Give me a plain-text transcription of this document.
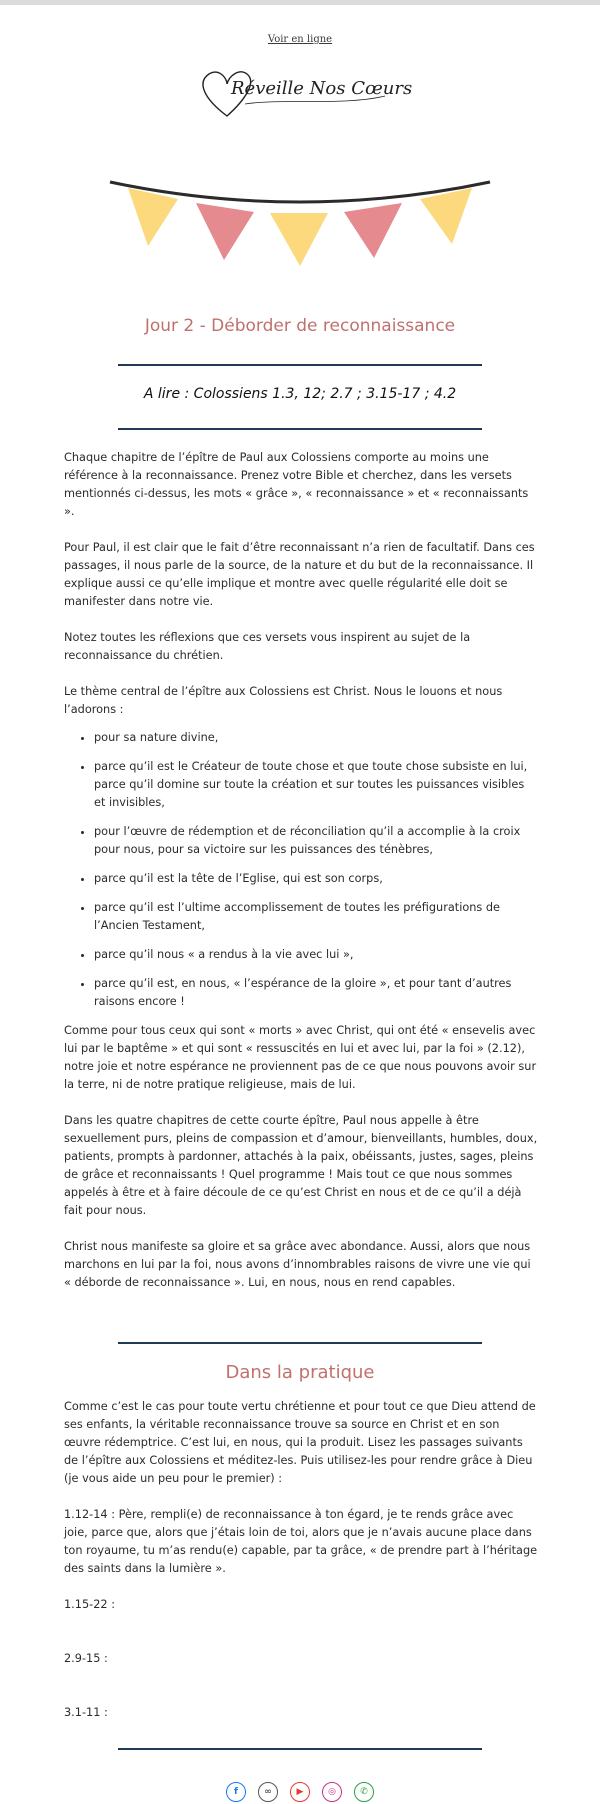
Voir en ligne
Réveille Nos Cœurs
Jour 2 - Déborder de reconnaissance
A lire : Colossiens 1.3, 12; 2.7 ; 3.15-17 ; 4.2

Chaque chapitre de l’épître de Paul aux Colossiens comporte au moins une référence à la reconnaissance. Prenez votre Bible et cherchez, dans les versets mentionnés ci-dessus, les mots « grâce », « reconnaissance » et « reconnaissants ».

Pour Paul, il est clair que le fait d’être reconnaissant n’a rien de facultatif. Dans ces passages, il nous parle de la source, de la nature et du but de la reconnaissance. Il explique aussi ce qu’elle implique et montre avec quelle régularité elle doit se manifester dans notre vie.

Notez toutes les réflexions que ces versets vous inspirent au sujet de la reconnaissance du chrétien.

Le thème central de l’épître aux Colossiens est Christ. Nous le louons et nous l’adorons :

• pour sa nature divine,
• parce qu’il est le Créateur de toute chose et que toute chose subsiste en lui, parce qu’il domine sur toute la création et sur toutes les puissances visibles et invisibles,
• pour l’œuvre de rédemption et de réconciliation qu’il a accomplie à la croix pour nous, pour sa victoire sur les puissances des ténèbres,
• parce qu’il est la tête de l’Eglise, qui est son corps,
• parce qu’il est l’ultime accomplissement de toutes les préfigurations de l’Ancien Testament,
• parce qu’il nous « a rendus à la vie avec lui »,
• parce qu’il est, en nous, « l’espérance de la gloire », et pour tant d’autres raisons encore !

Comme pour tous ceux qui sont « morts » avec Christ, qui ont été « ensevelis avec lui par le baptême » et qui sont « ressuscités en lui et avec lui, par la foi » (2.12), notre joie et notre espérance ne proviennent pas de ce que nous pouvons avoir sur la terre, ni de notre pratique religieuse, mais de lui.

Dans les quatre chapitres de cette courte épître, Paul nous appelle à être sexuellement purs, pleins de compassion et d’amour, bienveillants, humbles, doux, patients, prompts à pardonner, attachés à la paix, obéissants, justes, sages, pleins de grâce et reconnaissants ! Quel programme ! Mais tout ce que nous sommes appelés à être et à faire découle de ce qu’est Christ en nous et de ce qu’il a déjà fait pour nous.

Christ nous manifeste sa gloire et sa grâce avec abondance. Aussi, alors que nous marchons en lui par la foi, nous avons d’innombrables raisons de vivre une vie qui « déborde de reconnaissance ». Lui, en nous, nous en rend capables.

Dans la pratique

Comme c’est le cas pour toute vertu chrétienne et pour tout ce que Dieu attend de ses enfants, la véritable reconnaissance trouve sa source en Christ et en son œuvre rédemptrice. C’est lui, en nous, qui la produit. Lisez les passages suivants de l’épître aux Colossiens et méditez-les. Puis utilisez-les pour rendre grâce à Dieu (je vous aide un peu pour le premier) :

1.12-14 : Père, rempli(e) de reconnaissance à ton égard, je te rends grâce avec joie, parce que, alors que j’étais loin de toi, alors que je n’avais aucune place dans ton royaume, tu m’as rendu(e) capable, par ta grâce, « de prendre part à l’héritage des saints dans la lumière ».

1.15-22 :

2.9-15 :

3.1-11 :

f	∞	▶	◎	✆
